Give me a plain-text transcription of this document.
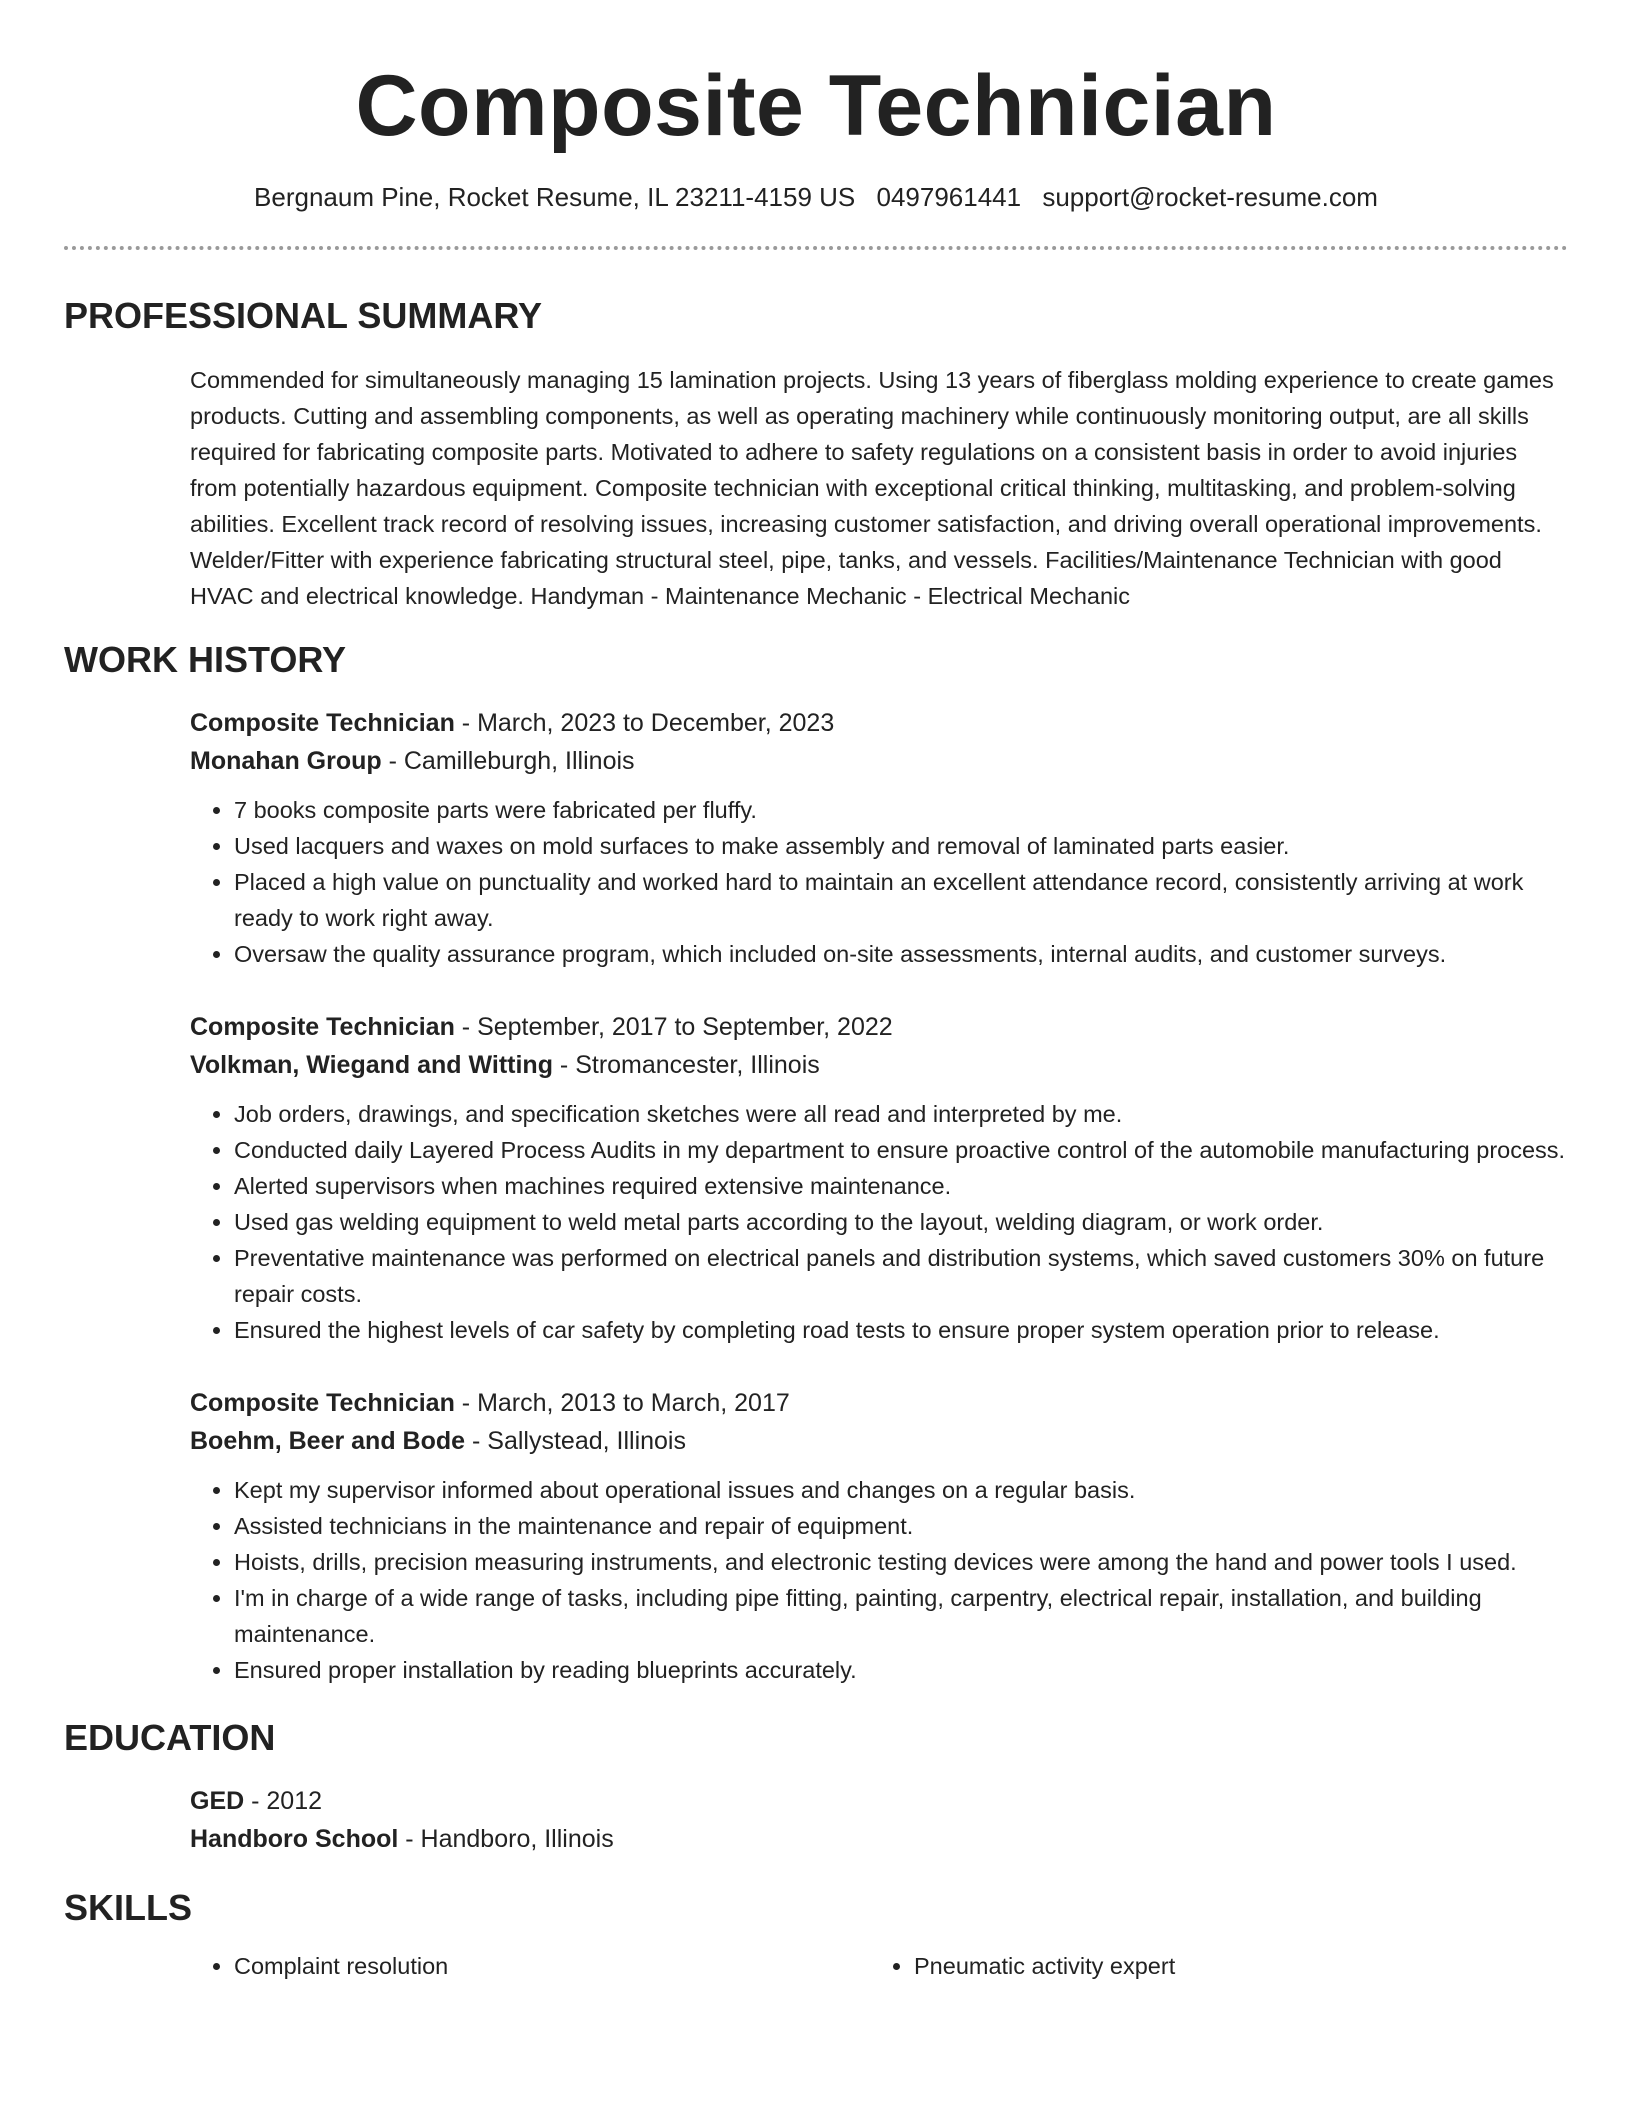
Composite Technician
Bergnaum Pine, Rocket Resume, IL 23211-4159 US 0497961441 support@rocket-resume.com
PROFESSIONAL SUMMARY
Commended for simultaneously managing 15 lamination projects. Using 13 years of fiberglass molding experience to create games products. Cutting and assembling components, as well as operating machinery while continuously monitoring output, are all skills required for fabricating composite parts. Motivated to adhere to safety regulations on a consistent basis in order to avoid injuries from potentially hazardous equipment. Composite technician with exceptional critical thinking, multitasking, and problem-solving abilities. Excellent track record of resolving issues, increasing customer satisfaction, and driving overall operational improvements. Welder/Fitter with experience fabricating structural steel, pipe, tanks, and vessels. Facilities/Maintenance Technician with good HVAC and electrical knowledge. Handyman - Maintenance Mechanic - Electrical Mechanic
WORK HISTORY
Composite Technician - March, 2023 to December, 2023
Monahan Group - Camilleburgh, Illinois
• 7 books composite parts were fabricated per fluffy.
• Used lacquers and waxes on mold surfaces to make assembly and removal of laminated parts easier.
• Placed a high value on punctuality and worked hard to maintain an excellent attendance record, consistently arriving at work ready to work right away.
• Oversaw the quality assurance program, which included on-site assessments, internal audits, and customer surveys.
Composite Technician - September, 2017 to September, 2022
Volkman, Wiegand and Witting - Stromancester, Illinois
• Job orders, drawings, and specification sketches were all read and interpreted by me.
• Conducted daily Layered Process Audits in my department to ensure proactive control of the automobile manufacturing process.
• Alerted supervisors when machines required extensive maintenance.
• Used gas welding equipment to weld metal parts according to the layout, welding diagram, or work order.
• Preventative maintenance was performed on electrical panels and distribution systems, which saved customers 30% on future repair costs.
• Ensured the highest levels of car safety by completing road tests to ensure proper system operation prior to release.
Composite Technician - March, 2013 to March, 2017
Boehm, Beer and Bode - Sallystead, Illinois
• Kept my supervisor informed about operational issues and changes on a regular basis.
• Assisted technicians in the maintenance and repair of equipment.
• Hoists, drills, precision measuring instruments, and electronic testing devices were among the hand and power tools I used.
• I'm in charge of a wide range of tasks, including pipe fitting, painting, carpentry, electrical repair, installation, and building maintenance.
• Ensured proper installation by reading blueprints accurately.
EDUCATION
GED - 2012
Handboro School - Handboro, Illinois
SKILLS
• Complaint resolution
•	Pneumatic activity expert
